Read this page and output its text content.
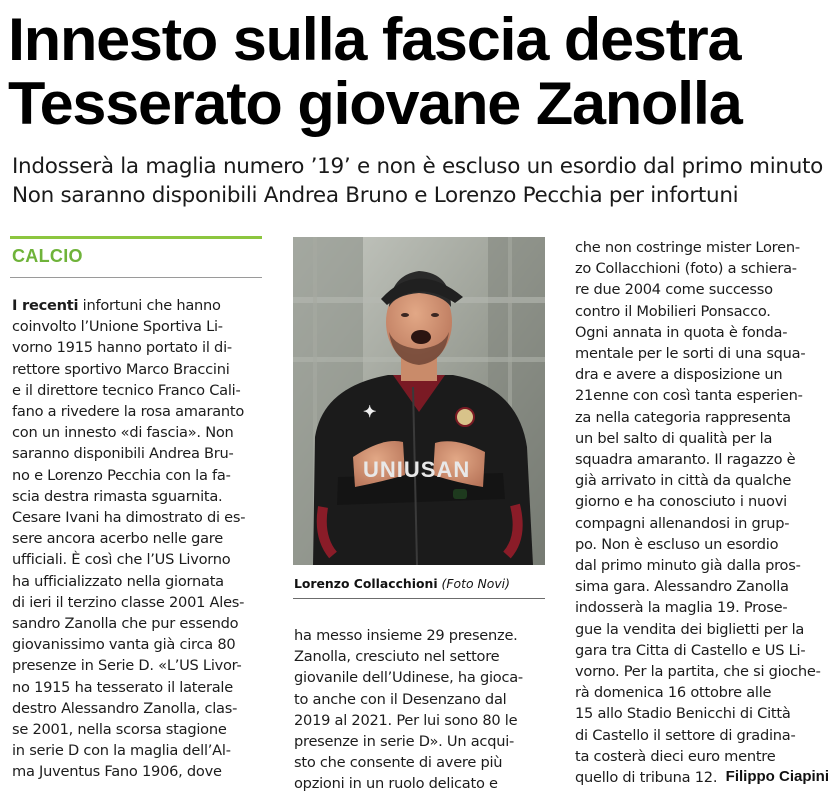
Innesto sulla fascia destra
Tesserato giovane Zanolla
Indosserà la maglia numero ’19’ e non è escluso un esordio dal primo minuto
Non saranno disponibili Andrea Bruno e Lorenzo Pecchia per infortuni
CALCIO
I recenti infortuni che hanno
coinvolto l’Unione Sportiva Li-
vorno 1915 hanno portato il di-
rettore sportivo Marco Braccini
e il direttore tecnico Franco Cali-
fano a rivedere la rosa amaranto
con un innesto «di fascia». Non
saranno disponibili Andrea Bru-
no e Lorenzo Pecchia con la fa-
scia destra rimasta sguarnita.
Cesare Ivani ha dimostrato di es-
sere ancora acerbo nelle gare
ufficiali. È così che l’US Livorno
ha ufficializzato nella giornata
di ieri il terzino classe 2001 Ales-
sandro Zanolla che pur essendo
giovanissimo vanta già circa 80
presenze in Serie D. «L’US Livor-
no 1915 ha tesserato il laterale
destro Alessandro Zanolla, clas-
se 2001, nella scorsa stagione
in serie D con la maglia dell’Al-
ma Juventus Fano 1906, dove
UNIUSAN
✦
Lorenzo Collacchioni (Foto Novi)
ha messo insieme 29 presenze.
Zanolla, cresciuto nel settore
giovanile dell’Udinese, ha gioca-
to anche con il Desenzano dal
2019 al 2021. Per lui sono 80 le
presenze in serie D». Un acqui-
sto che consente di avere più
opzioni in un ruolo delicato e
che non costringe mister Loren-
zo Collacchioni (foto) a schiera-
re due 2004 come successo
contro il Mobilieri Ponsacco.
Ogni annata in quota è fonda-
mentale per le sorti di una squa-
dra e avere a disposizione un
21enne con così tanta esperien-
za nella categoria rappresenta
un bel salto di qualità per la
squadra amaranto. Il ragazzo è
già arrivato in città da qualche
giorno e ha conosciuto i nuovi
compagni allenandosi in grup-
po. Non è escluso un esordio
dal primo minuto già dalla pros-
sima gara. Alessandro Zanolla
indosserà la maglia 19. Prose-
gue la vendita dei biglietti per la
gara tra Citta di Castello e US Li-
vorno. Per la partita, che si gioche-
rà domenica 16 ottobre alle
15 allo Stadio Benicchi di Città
di Castello il settore di gradina-
ta costerà dieci euro mentre
quello di tribuna 12. Filippo Ciapini
